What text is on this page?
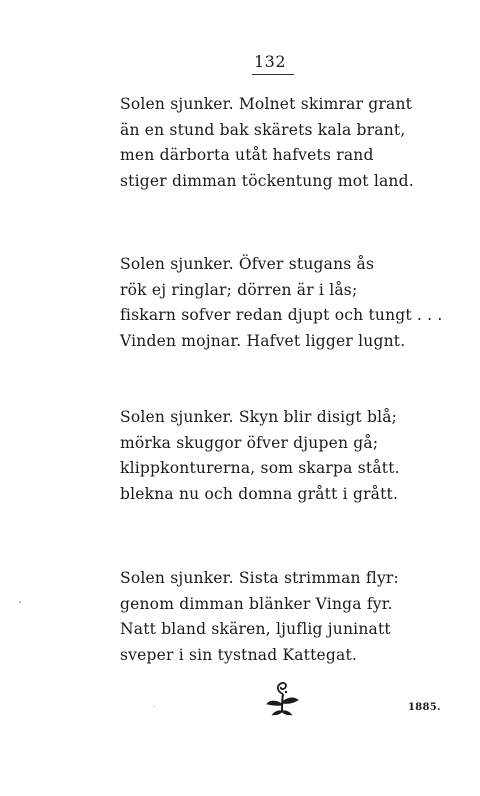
132
Solen sjunker. Molnet skimrar grant
än en stund bak skärets kala brant,
men därborta utåt hafvets rand
stiger dimman töckentung mot land.
Solen sjunker. Öfver stugans ås
rök ej ringlar; dörren är i lås;
fiskarn sofver redan djupt och tungt . . .
Vinden mojnar. Hafvet ligger lugnt.
Solen sjunker. Skyn blir disigt blå;
mörka skuggor öfver djupen gå;
klippkonturerna, som skarpa stått.
blekna nu och domna grått i grått.
Solen sjunker. Sista strimman flyr:
genom dimman blänker Vinga fyr.
Natt bland skären, ljuflig juninatt
sveper i sin tystnad Kattegat.
1885.
